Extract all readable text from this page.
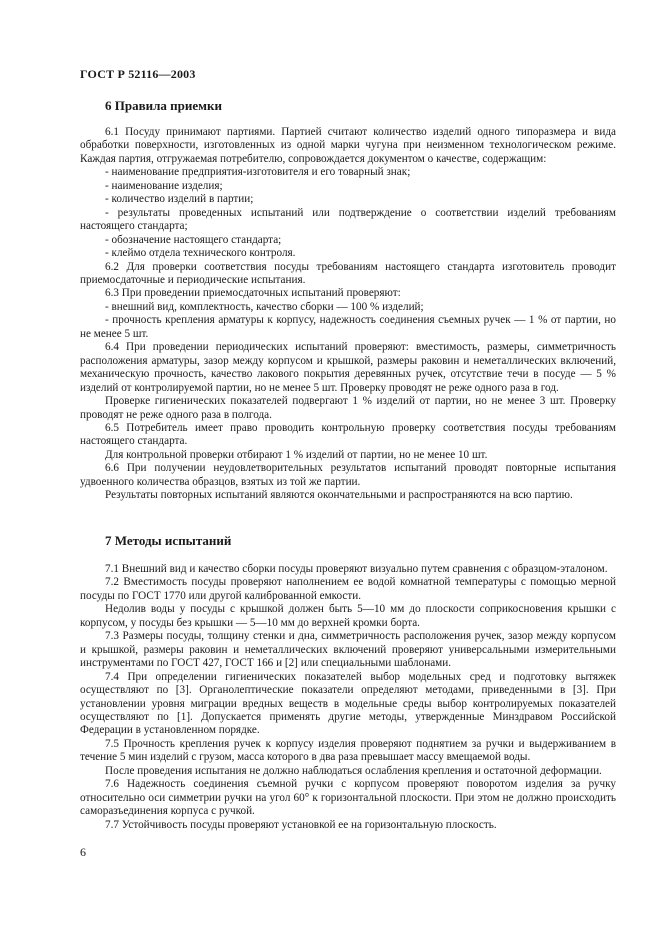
ГОСТ Р 52116—2003
6 Правила приемки

6.1 Посуду принимают партиями. Партией считают количество изделий одного типоразмера и вида обработки поверхности, изготовленных из одной марки чугуна при неизменном технологическом режиме. Каждая партия, отгружаемая потребителю, сопровождается документом о качестве, содержащим:

- наименование предприятия-изготовителя и его товарный знак;

- наименование изделия;

- количество изделий в партии;

- результаты проведенных испытаний или подтверждение о соответствии изделий требованиям настоящего стандарта;

- обозначение настоящего стандарта;

- клеймо отдела технического контроля.

6.2 Для проверки соответствия посуды требованиям настоящего стандарта изготовитель проводит приемосдаточные и периодические испытания.

6.3 При проведении приемосдаточных испытаний проверяют:

- внешний вид, комплектность, качество сборки — 100 % изделий;

- прочность крепления арматуры к корпусу, надежность соединения съемных ручек — 1 % от партии, но не менее 5 шт.

6.4 При проведении периодических испытаний проверяют: вместимость, размеры, симметричность расположения арматуры, зазор между корпусом и крышкой, размеры раковин и неметаллических включений, механическую прочность, качество лакового покрытия деревянных ручек, отсутствие течи в посуде — 5 % изделий от контролируемой партии, но не менее 5 шт. Проверку проводят не реже одного раза в год.

Проверке гигиенических показателей подвергают 1 % изделий от партии, но не менее 3 шт. Проверку проводят не реже одного раза в полгода.

6.5 Потребитель имеет право проводить контрольную проверку соответствия посуды требованиям настоящего стандарта.

Для контрольной проверки отбирают 1 % изделий от партии, но не менее 10 шт.

6.6 При получении неудовлетворительных результатов испытаний проводят повторные испытания удвоенного количества образцов, взятых из той же партии.

Результаты повторных испытаний являются окончательными и распространяются на всю партию.

7 Методы испытаний

7.1 Внешний вид и качество сборки посуды проверяют визуально путем сравнения с образцом-эталоном.

7.2 Вместимость посуды проверяют наполнением ее водой комнатной температуры с помощью мерной посуды по ГОСТ 1770 или другой калиброванной емкости.

Недолив воды у посуды с крышкой должен быть 5—10 мм до плоскости соприкосновения крышки с корпусом, у посуды без крышки — 5—10 мм до верхней кромки борта.

7.3 Размеры посуды, толщину стенки и дна, симметричность расположения ручек, зазор между корпусом и крышкой, размеры раковин и неметаллических включений проверяют универсальными измерительными инструментами по ГОСТ 427, ГОСТ 166 и [2] или специальными шаблонами.

7.4 При определении гигиенических показателей выбор модельных сред и подготовку вытяжек осуществляют по [3]. Органолептические показатели определяют методами, приведенными в [3]. При установлении уровня миграции вредных веществ в модельные среды выбор контролируемых показателей осуществляют по [1]. Допускается применять другие методы, утвержденные Минздравом Российской Федерации в установленном порядке.

7.5 Прочность крепления ручек к корпусу изделия проверяют поднятием за ручки и выдерживанием в течение 5 мин изделий с грузом, масса которого в два раза превышает массу вмещаемой воды.

После проведения испытания не должно наблюдаться ослабления крепления и остаточной деформации.

7.6 Надежность соединения съемной ручки с корпусом проверяют поворотом изделия за ручку относительно оси симметрии ручки на угол 60° к горизонтальной плоскости. При этом не должно происходить саморазъединения корпуса с ручкой.

7.7 Устойчивость посуды проверяют установкой ее на горизонтальную плоскость.

6
